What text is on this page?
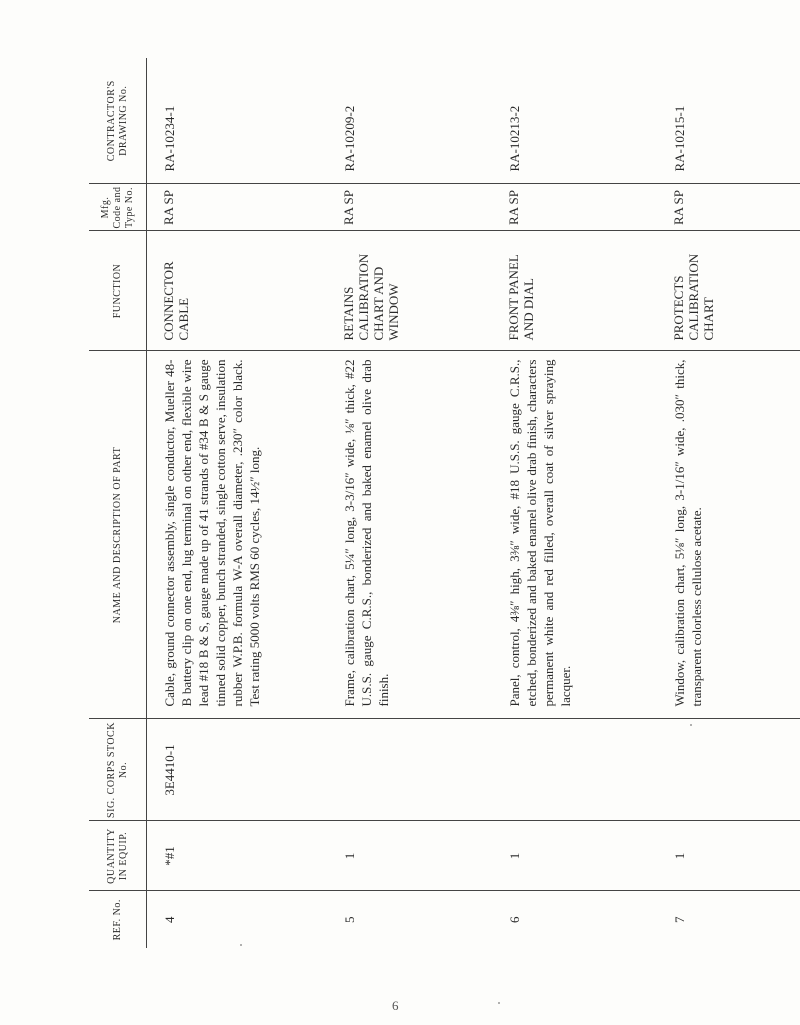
REF. No.	QUANTITY IN EQUIP.	SIG. CORPS STOCK No.	NAME AND DESCRIPTION OF PART	FUNCTION	Mfg. Code and Type No.	CONTRACTOR'S DRAWING No.
4	*#1	3E4410-1	Cable, ground connector assembly, single conductor, Mueller 48-B battery clip on one end, lug terminal on other end, flexible wire lead #18 B & S, gauge made up of 41 strands of #34 B & S gauge tinned solid copper, bunch stranded, single cotton serve, insulation rubber W.P.B. formula W-A overall diameter, .230″ color black. Test rating 5000 volts RMS 60 cycles, 14½″ long.	CONNECTOR CABLE	RA SP	RA-10234-1
5	1		Frame, calibration chart, 5¼″ long, 3-3/16″ wide, ⅛″ thick, #22 U.S.S. gauge C.R.S., bonderized and baked enamel olive drab finish.	RETAINS CALIBRATION CHART AND WINDOW	RA SP	RA-10209-2
6	1		Panel, control, 4⅜″ high, 3⅜″ wide, #18 U.S.S. gauge C.R.S., etched, bonderized and baked enamel olive drab finish, characters permanent white and red filled, overall coat of silver spraying lacquer.	FRONT PANEL AND DIAL	RA SP	RA-10213-2
7	1		Window, calibration chart, 5⅛″ long, 3-1/16″ wide, .030″ thick, transparent colorless cellulose acetate.	PROTECTS CALIBRATION CHART	RA SP	RA-10215-1
6
